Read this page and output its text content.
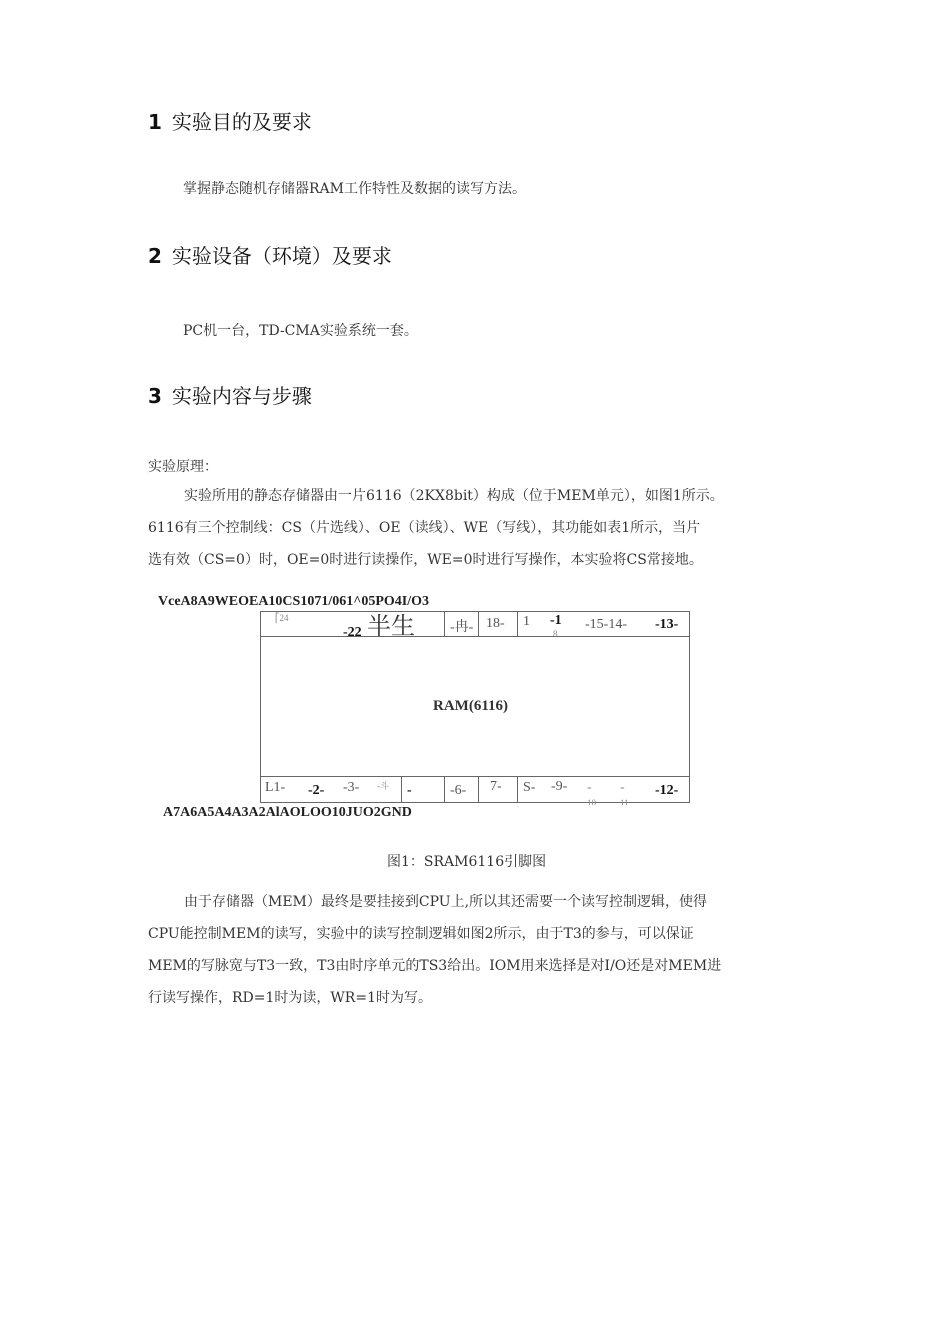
1 实验目的及要求
掌握静态随机存储器RAM工作特性及数据的读写方法。
2 实验设备（环境）及要求
PC机一台，TD-CMA实验系统一套。
3 实验内容与步骤
实验原理：
实验所用的静态存储器由一片6116（2KX8bit）构成（位于MEM单元），如图1所示。
6116有三个控制线：CS（片选线）、OE（读线）、WE（写线），其功能如表1所示，当片
选有效（CS=0）时，OE=0时进行读操作，WE=0时进行写操作，本实验将CS常接地。
VceA8A9WEOEA10CS1071/061^05PO4I/O3
⎡24
-22 半生	-冉- 18- 1 -1
8
-15-14- -13-
RAM(6116)
L1- -2- -3- -斗 -	-6- 7- S- -9- -
10
-
11
-12-
A7A6A5A4A3A2AlAOLOO10JUO2GND
图1：SRAM6116引脚图
由于存储器（MEM）最终是要挂接到CPU上,所以其还需要一个读写控制逻辑，使得
CPU能控制MEM的读写，实验中的读写控制逻辑如图2所示，由于T3的参与，可以保证
MEM的写脉宽与T3一致，T3由时序单元的TS3给出。IOM用来选择是对I/O还是对MEM进
行读写操作，RD=1时为读，WR=1时为写。
